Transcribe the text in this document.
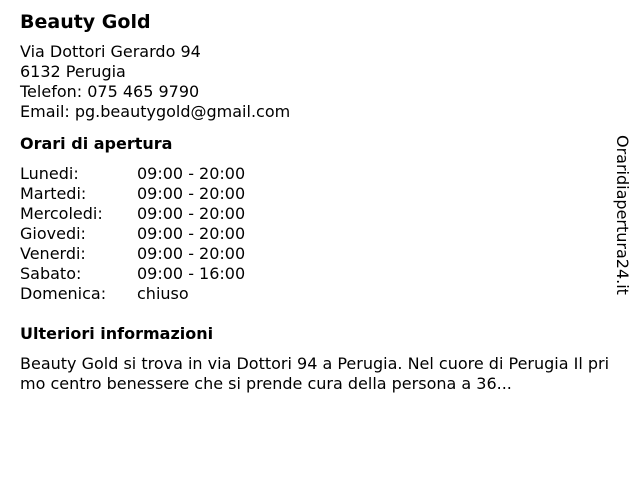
Beauty Gold
Via Dottori Gerardo 94
6132 Perugia
Telefon: 075 465 9790
Email: pg.beautygold@gmail.com
Orari di apertura
Lunedi:	09:00 - 20:00
Martedi:	09:00 - 20:00
Mercoledi:	09:00 - 20:00
Giovedi:	09:00 - 20:00
Venerdi:	09:00 - 20:00
Sabato:	09:00 - 16:00
Domenica:	chiuso
Ulteriori informazioni
Beauty Gold si trova in via Dottori 94 a Perugia. Nel cuore di Perugia Il primo centro benessere che si prende cura della persona a 36...
Oraridiapertura24.it
